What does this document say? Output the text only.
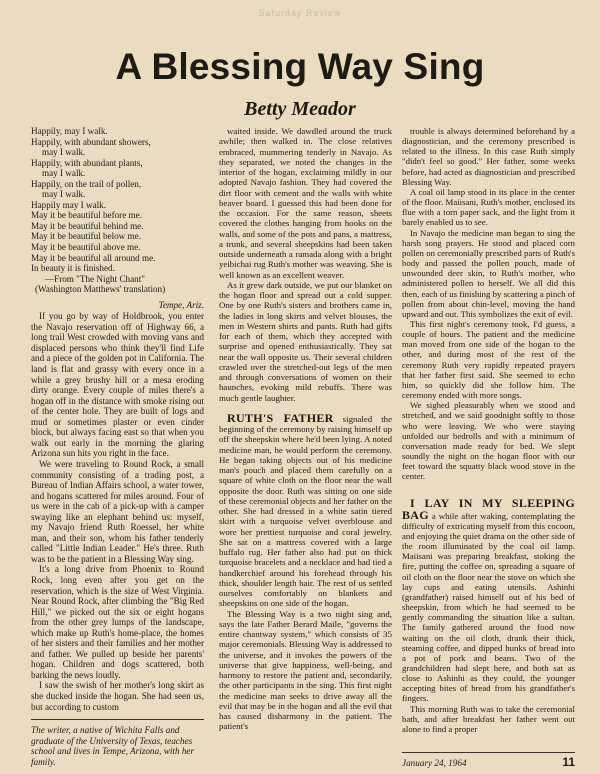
Saturday Review
A Blessing Way Sing
Betty Meador
Happily, may I walk.
Happily, with abundant showers,
may I walk.
Happily, with abundant plants,
may I walk.
Happily, on the trail of pollen,
may I walk.
Happily may I walk.
May it be beautiful before me.
May it be beautiful behind me.
May it be beautiful below me.
May it be beautiful above me.
May it be beautiful all around me.
In beauty it is finished.
—From "The Night Chant"
(Washington Matthews' translation)
Tempe, Ariz.

If you go by way of Holdbrook, you enter the Navajo reservation off of Highway 66, a long trail West crowded with moving vans and displaced persons who think they'll find Life and a piece of the golden pot in California. The land is flat and grassy with every once in a while a grey brushy hill or a mesa eroding dirty orange. Every couple of miles there's a hogan off in the distance with smoke rising out of the center hole. They are built of logs and mud or sometimes plaster or even cinder block, but always facing east so that when you walk out early in the morning the glaring Arizona sun hits you right in the face.

We were traveling to Round Rock, a small community consisting of a trading post, a Bureau of Indian Affairs school, a water tower, and hogans scattered for miles around. Four of us were in the cab of a pick-up with a camper swaying like an elephant behind us: myself, my Navajo friend Ruth Roessel, her white man, and their son, whom his father tenderly called "Little Indian Leader." He's three. Ruth was to be the patient in a Blessing Way sing.

It's a long drive from Phoenix to Round Rock, long even after you get on the reservation, which is the size of West Virginia. Near Round Rock, after climbing the "Big Red Hill," we picked out the six or eight hogans from the other grey lumps of the landscape, which make up Ruth's home-place, the homes of her sisters and their families and her mother and father. We pulled up beside her parents' hogan. Children and dogs scattered, both barking the news loudly.

I saw the swish of her mother's long skirt as she ducked inside the hogan. She had seen us, but according to custom

The writer, a native of Wichita Falls and graduate of the University of Texas, teaches school and lives in Tempe, Arizona, with her family.

waited inside. We dawdled around the truck awhile; then walked in. The close relatives embraced, mummering tenderly in Navajo. As they separated, we noted the changes in the interior of the hogan, exclaiming mildly in our adopted Navajo fashion. They had covered the dirt floor with cement and the walls with white beaver board. I guessed this had been done for the occasion. For the same reason, sheets covered the clothes hanging from hooks on the walls, and some of the pots and pans, a mattress, a trunk, and several sheepskins had been taken outside underneath a ramada along with a bright yeibichai rug Ruth's mother was weaving. She is well known as an excellent weaver.

As it grew dark outside, we put our blanket on the hogan floor and spread out a cold supper. One by one Ruth's sisters and brothers came in, the ladies in long skirts and velvet blouses, the men in Western shirts and pants. Ruth had gifts for each of them, which they accepted with surprise and opened enthusiastically. They sat near the wall opposite us. Their several children crawled over the stretched-out legs of the men and through conversations of women on their haunches, evoking mild rebuffs. There was much gentle laughter.

RUTH'S FATHER signaled the beginning of the ceremony by raising himself up off the sheepskin where he'd been lying. A noted medicine man, he would perform the ceremony. He began taking objects out of his medicine man's pouch and placed them carefully on a square of white cloth on the floor near the wall opposite the door. Ruth was sitting on one side of these ceremonial objects and her father on the other. She had dressed in a white satin tiered skirt with a turquoise velvet overblouse and wore her prettiest turquoise and coral jewelry. She sat on a mattress covered with a large buffalo rug. Her father also had put on thick turquoise bracelets and a necklace and had tied a handkerchief around his forehead through his thick, shoulder length hair. The rest of us settled ourselves comfortably on blankets and sheepskins on one side of the hogan.

The Blessing Way is a two night sing and, says the late Father Berard Maile, "governs the entire chantway system," which consists of 35 major ceremonials. Blessing Way is addressed to the universe, and it invokes the powers of the universe that give happiness, well-being, and harmony to restore the patient and, secondarily, the other participants in the sing. This first night the medicine man seeks to drive away all the evil that may be in the hogan and all the evil that has caused disharmony in the patient. The patient's

trouble is always determined beforehand by a diagnostician, and the ceremony prescribed is related to the illness. In this case Ruth simply "didn't feel so good." Her father, some weeks before, had acted as diagnostician and prescribed Blessing Way.

A coal oil lamp stood in its place in the center of the floor. Maiisani, Ruth's mother, enclosed its flue with a torn paper sack, and the light from it barely enabled us to see.

In Navajo the medicine man began to sing the harsh song prayers. He stood and placed corn pollen on ceremonially prescribed parts of Ruth's body and passed the pollen pouch, made of unwounded deer skin, to Ruth's mother, who administered pollen to herself. We all did this then, each of us finishing by scattering a pinch of pollen from about chin-level, moving the hand upward and out. This symbolizes the exit of evil.

This first night's ceremony took, I'd guess, a couple of hours. The patient and the medicine man moved from one side of the hogan to the other, and during most of the rest of the ceremony Ruth very rapidly repeated prayers that her father first said. She seemed to echo him, so quickly did she follow him. The ceremony ended with more songs.

We sighed pleasurably when we stood and stretched, and we said goodnight softly to those who were leaving. We who were staying unfolded our bedrolls and with a minimum of conversation made ready for bed. We slept soundly the night on the hogan floor with our feet toward the squatty black wood stove in the center.

I LAY IN MY SLEEPING BAG a while after waking, contemplating the difficulty of extricating myself from this cocoon, and enjoying the quiet drama on the other side of the room illuminated by the coal oil lamp. Maiisani was preparing breakfast, stoking the fire, putting the coffee on, spreading a square of oil cloth on the floor near the stove on which she lay cups and eating utensils. Ashinhi (grandfather) raised himself out of his bed of sheepskin, from which he had seemed to be gently commanding the situation like a sultan. The family gathered around the food now waiting on the oil cloth, drank their thick, steaming coffee, and dipped hunks of bread into a pot of pork and beans. Two of the grandchildren had slept here, and both sat as close to Ashinhi as they could, the younger accepting bites of bread from his grandfather's fingers.

This morning Ruth was to take the ceremonial bath, and after breakfast her father went out alone to find a proper

January 24, 1964	11
